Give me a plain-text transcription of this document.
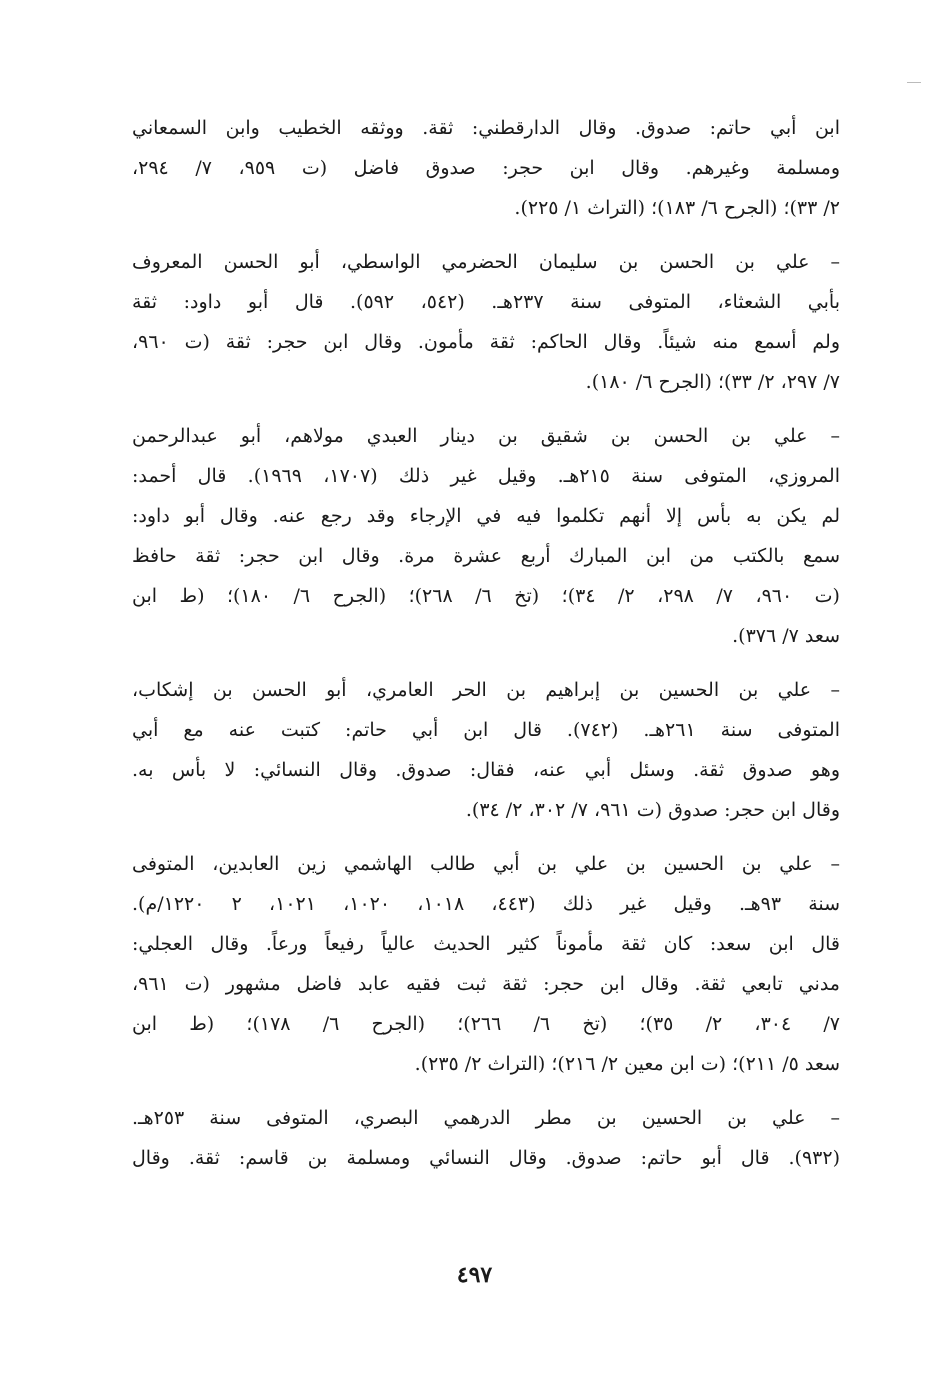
ابن أبي حاتم: صدوق. وقال الدارقطني: ثقة. ووثقه الخطيب وابن السمعاني
ومسلمة وغيرهم. وقال ابن حجر: صدوق فاضل (ت ٩٥٩، ٧/ ٢٩٤،
٢/ ٣٣)؛ (الجرح ٦/ ١٨٣)؛ (التراث ١/ ٢٢٥).

– علي بن الحسن بن سليمان الحضرمي الواسطي، أبو الحسن المعروف
بأبي الشعثاء، المتوفى سنة ٢٣٧هـ. (٥٤٢، ٥٩٢). قال أبو داود: ثقة
ولم أسمع منه شيئاً. وقال الحاكم: ثقة مأمون. وقال ابن حجر: ثقة (ت ٩٦٠،
٧/ ٢٩٧، ٢/ ٣٣)؛ (الجرح ٦/ ١٨٠).

– علي بن الحسن بن شقيق بن دينار العبدي مولاهم، أبو عبدالرحمن
المروزي، المتوفى سنة ٢١٥هـ. وقيل غير ذلك (١٧٠٧، ١٩٦٩). قال أحمد:
لم يكن به بأس إلا أنهم تكلموا فيه في الإرجاء وقد رجع عنه. وقال أبو داود:
سمع بالكتب من ابن المبارك أربع عشرة مرة. وقال ابن حجر: ثقة حافظ
(ت ٩٦٠، ٧/ ٢٩٨، ٢/ ٣٤)؛ (تخ ٦/ ٢٦٨)؛ (الجرح ٦/ ١٨٠)؛ (ط ابن
سعد ٧/ ٣٧٦).

– علي بن الحسين بن إبراهيم بن الحر العامري، أبو الحسن بن إشكاب،
المتوفى سنة ٢٦١هـ. (٧٤٢). قال ابن أبي حاتم: كتبت عنه مع أبي
وهو صدوق ثقة. وسئل أبي عنه، فقال: صدوق. وقال النسائي: لا بأس به.
وقال ابن حجر: صدوق (ت ٩٦١، ٧/ ٣٠٢، ٢/ ٣٤).

– علي بن الحسين بن علي بن أبي طالب الهاشمي زين العابدين، المتوفى
سنة ٩٣هـ. وقيل غير ذلك (٤٤٣، ١٠١٨، ١٠٢٠، ١٠٢١، ٢ ١٢٢٠/م).
قال ابن سعد: كان ثقة مأموناً كثير الحديث عالياً رفيعاً ورعاً. وقال العجلي:
مدني تابعي ثقة. وقال ابن حجر: ثقة ثبت فقيه عابد فاضل مشهور (ت ٩٦١،
٧/ ٣٠٤، ٢/ ٣٥)؛ (تخ ٦/ ٢٦٦)؛ (الجرح ٦/ ١٧٨)؛ (ط ابن
سعد ٥/ ٢١١)؛ (ت ابن معين ٢/ ٢١٦)؛ (التراث ٢/ ٢٣٥).

– علي بن الحسين بن مطر الدرهمي البصري، المتوفى سنة ٢٥٣هـ.
(٩٣٢). قال أبو حاتم: صدوق. وقال النسائي ومسلمة بن قاسم: ثقة. وقال

٤٩٧
